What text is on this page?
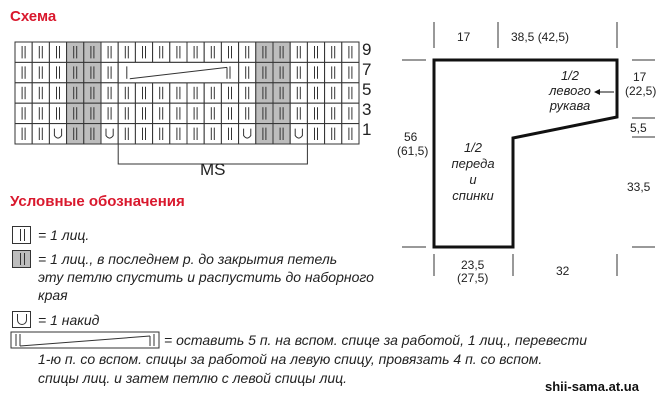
Схема
9
7
5
3
1
MS
Условные обозначения
= 1 лиц.
= 1 лиц., в последнем р. до закрытия петель
эту петлю спустить и распустить до наборного
края
= 1 накид
= оставить 5 п. на вспом. спице за работой, 1 лиц., перевести
1-ю п. со вспом. спицы за работой на левую спицу, провязать 4 п. со вспом.
спицы лиц. и затем петлю с левой спицы лиц.
17	38,5 (42,5)
17
(22,5)
5,5
33,5
56
(61,5)
23,5
(27,5)	32
1/2
левого
рукава
1/2
переда
и
спинки
shii-sama.at.ua
